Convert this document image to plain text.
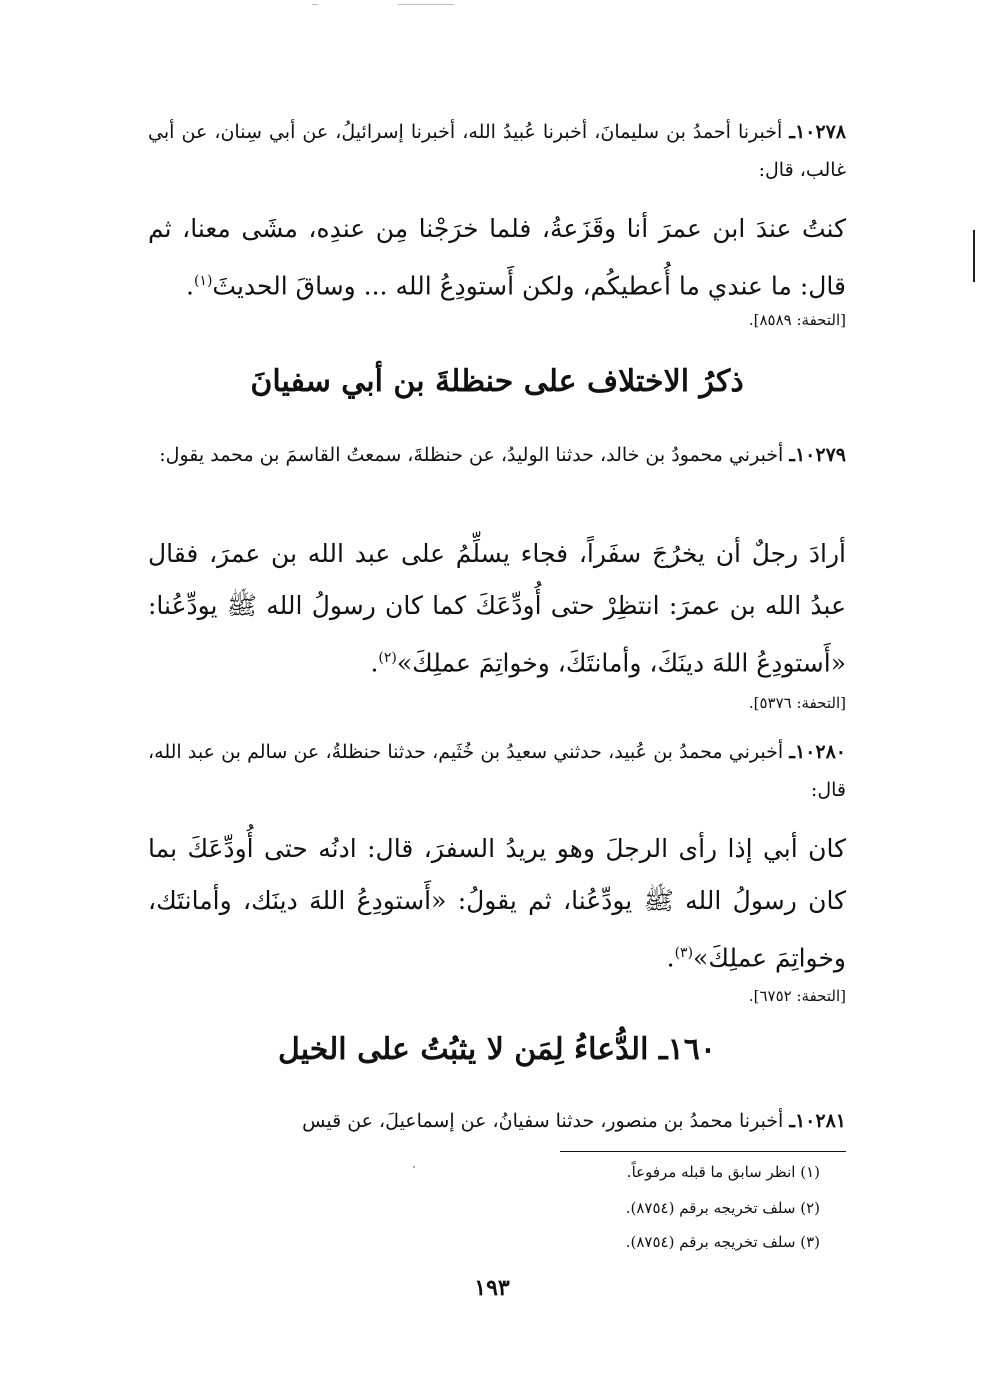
١٠٢٧٨ـ أخبرنا أحمدُ بن سليمانَ، أخبرنا عُبيدُ الله، أخبرنا إسرائيلُ، عن أبي سِنان، عن أبي غالب، قال:
كنتُ عندَ ابن عمرَ أنا وقَزَعةُ، فلما خرَجْنا مِن عندِه، مشَى معنا، ثم قال: ما عندي ما أُعطيكُم، ولكن أَستودِعُ الله ... وساقَ الحديثَ$^{(١)}$.
[التحفة: ٨٥٨٩].
ذكرُ الاختلاف على حنظلةَ بن أبي سفيانَ
١٠٢٧٩ـ أخبرني محمودُ بن خالد، حدثنا الوليدُ، عن حنظلةَ، سمعتُ القاسمَ بن محمد يقول:
أرادَ رجلٌ أن يخرُجَ سفَراً، فجاء يسلِّمُ على عبد الله بن عمرَ، فقال عبدُ الله بن عمرَ: انتظِرْ حتى أُودِّعَكَ كما كان رسولُ الله ﷺ يودِّعُنا: «أَستودِعُ اللهَ دينَكَ، وأمانتَكَ، وخواتِمَ عملِكَ»$^{(٢)}$.
[التحفة: ٥٣٧٦].
١٠٢٨٠ـ أخبرني محمدُ بن عُبيد، حدثني سعيدُ بن خُثَيم، حدثنا حنظلةُ، عن سالم بن عبد الله، قال:
كان أبي إذا رأى الرجلَ وهو يريدُ السفرَ، قال: ادنُه حتى أُودِّعَكَ بما كان رسولُ الله ﷺ يودِّعُنا، ثم يقولُ: «أَستودِعُ اللهَ دينَك، وأمانتَك، وخواتِمَ عملِكَ»$^{(٣)}$.
[التحفة: ٦٧٥٢].
١٦٠ـ الدُّعاءُ لِمَن لا يثبُتُ على الخيل
١٠٢٨١ـ أخبرنا محمدُ بن منصور، حدثنا سفيانُ، عن إسماعيلَ، عن قيس
(١) انظر سابق ما قبله مرفوعاً.
(٢) سلف تخريجه برقم (٨٧٥٤).
(٣) سلف تخريجه برقم (٨٧٥٤).
١٩٣
